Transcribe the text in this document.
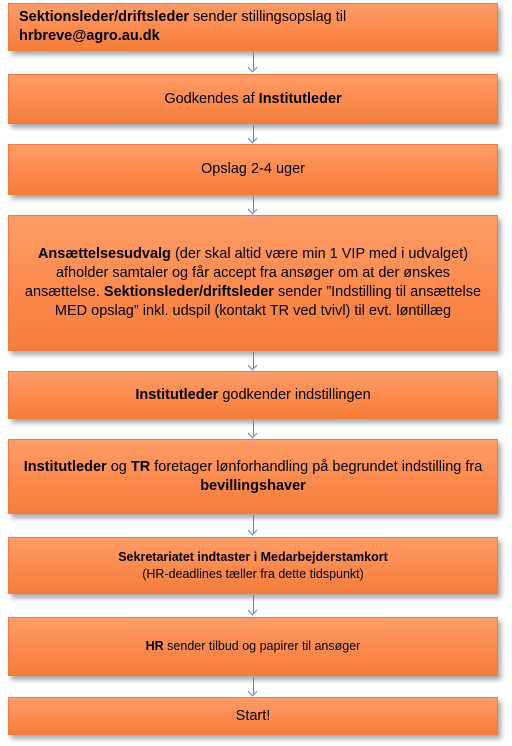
Sektionsleder/driftsleder sender stillingsopslag til
hrbreve@agro.au.dk
Godkendes af Institutleder
Opslag 2-4 uger
Ansættelsesudvalg (der skal altid være min 1 VIP med i udvalget) afholder samtaler og får accept fra ansøger om at der ønskes ansættelse. Sektionsleder/driftsleder sender ”Indstilling til ansættelse MED opslag” inkl. udspil (kontakt TR ved tvivl) til evt. løntillæg
Institutleder godkender indstillingen
Institutleder og TR foretager lønforhandling på begrundet indstilling fra bevillingshaver
Sekretariatet indtaster i Medarbejderstamkort
(HR-deadlines tæller fra dette tidspunkt)
HR sender tilbud og papirer til ansøger
Start!
